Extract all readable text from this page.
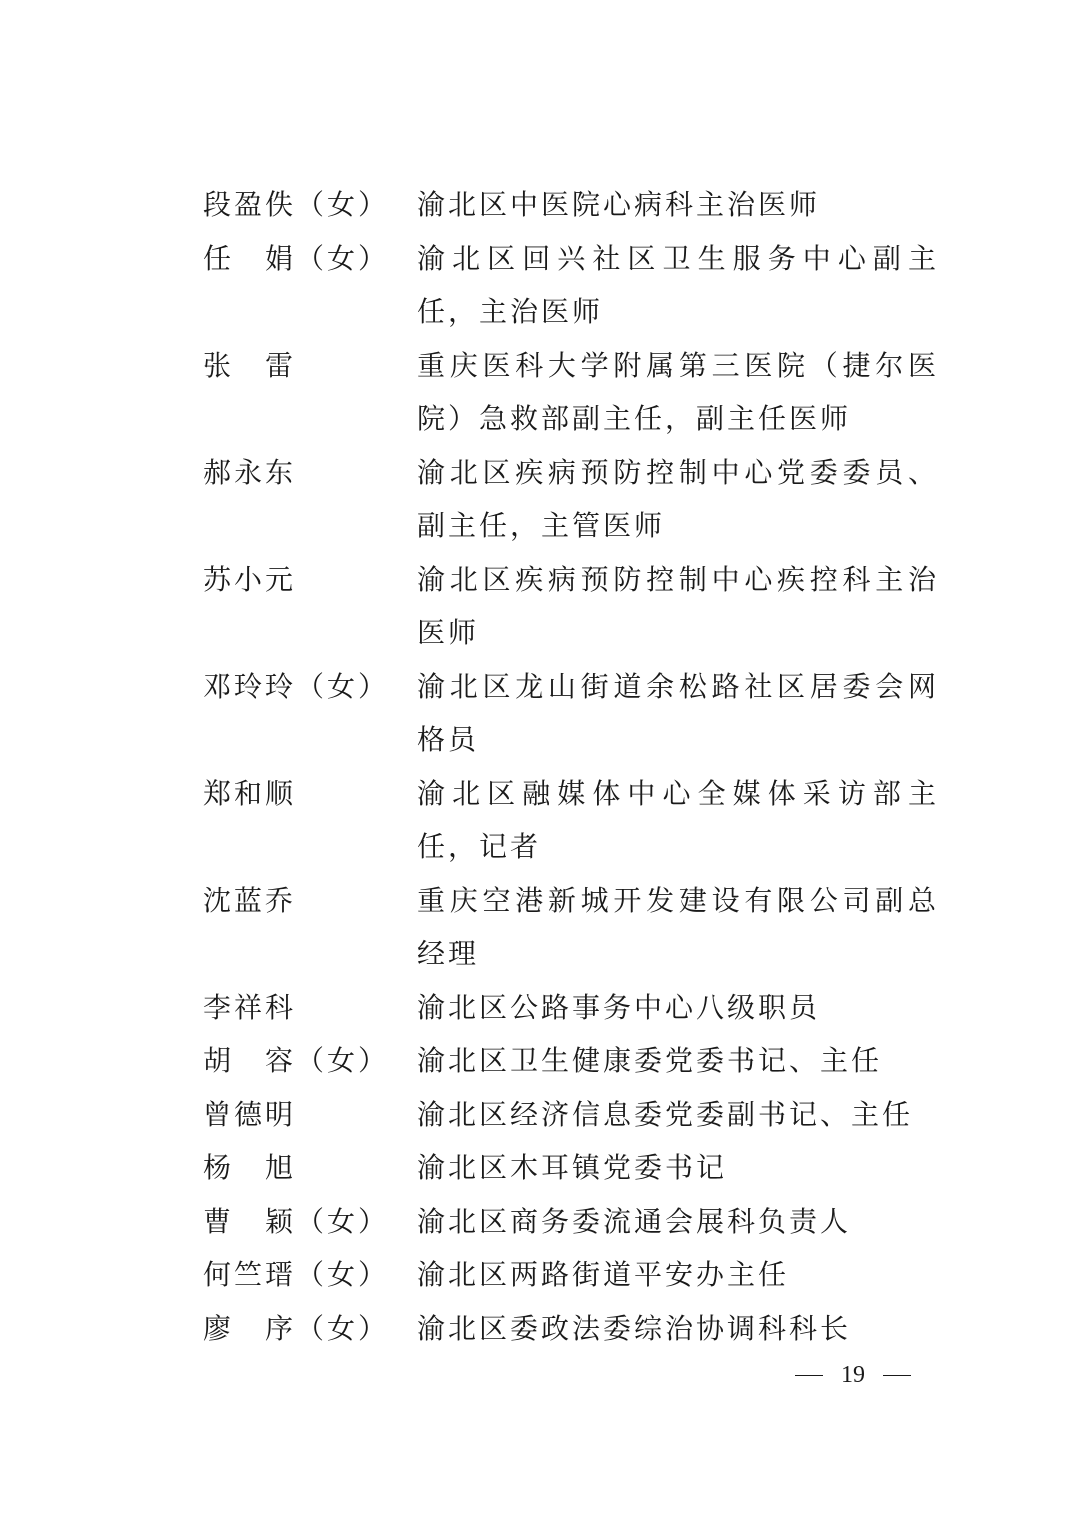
段盈佚（女） 渝北区中医院心病科主治医师
任　娟（女） 渝北区回兴社区卫生服务中心副主任，主治医师
张　雷	重庆医科大学附属第三医院（捷尔医院）急救部副主任，副主任医师
郝永东	渝北区疾病预防控制中心党委委员、副主任，主管医师
苏小元	渝北区疾病预防控制中心疾控科主治医师
邓玲玲（女） 渝北区龙山街道余松路社区居委会网格员
郑和顺	渝北区融媒体中心全媒体采访部主任，记者
沈蓝乔	重庆空港新城开发建设有限公司副总经理
李祥科	渝北区公路事务中心八级职员
胡　容（女） 渝北区卫生健康委党委书记、主任
曾德明	渝北区经济信息委党委副书记、主任
杨　旭	渝北区木耳镇党委书记
曹　颖（女） 渝北区商务委流通会展科负责人
何竺瑨（女） 渝北区两路街道平安办主任
廖　序（女） 渝北区委政法委综治协调科科长
19
